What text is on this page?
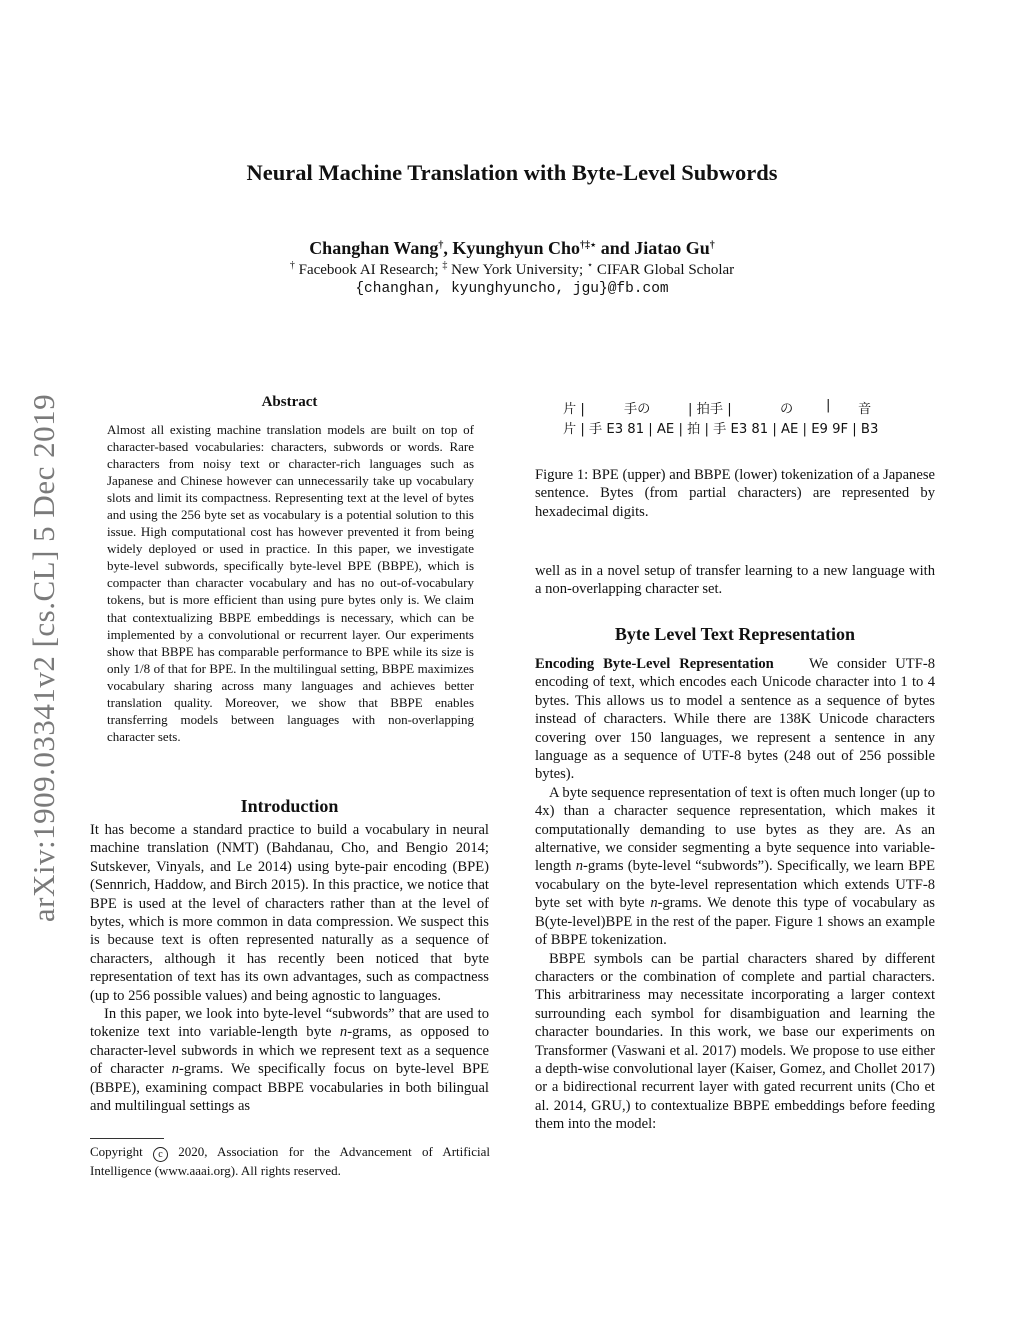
arXiv:1909.03341v2 [cs.CL] 5 Dec 2019
Neural Machine Translation with Byte-Level Subwords
Changhan Wang†, Kyunghyun Cho†‡⋆ and Jiatao Gu†
† Facebook AI Research; ‡ New York University; ⋆ CIFAR Global Scholar
{changhan, kyunghyuncho, jgu}@fb.com
Abstract
Almost all existing machine translation models are built on top of character-based vocabularies: characters, subwords or words. Rare characters from noisy text or character-rich languages such as Japanese and Chinese however can unnecessarily take up vocabulary slots and limit its compactness. Representing text at the level of bytes and using the 256 byte set as vocabulary is a potential solution to this issue. High computational cost has however prevented it from being widely deployed or used in practice. In this paper, we investigate byte-level subwords, specifically byte-level BPE (BBPE), which is compacter than character vocabulary and has no out-of-vocabulary tokens, but is more efficient than using pure bytes only is. We claim that contextualizing BBPE embeddings is necessary, which can be implemented by a convolutional or recurrent layer. Our experiments show that BBPE has comparable performance to BPE while its size is only 1/8 of that for BPE. In the multilingual setting, BBPE maximizes vocabulary sharing across many languages and achieves better translation quality. Moreover, we show that BBPE enables transferring models between languages with non-overlapping character sets.
Introduction

It has become a standard practice to build a vocabulary in neural machine translation (NMT) (Bahdanau, Cho, and Bengio 2014; Sutskever, Vinyals, and Le 2014) using byte-pair encoding (BPE) (Sennrich, Haddow, and Birch 2015). In this practice, we notice that BPE is used at the level of characters rather than at the level of bytes, which is more common in data compression. We suspect this is because text is often represented naturally as a sequence of characters, although it has recently been noticed that byte representation of text has its own advantages, such as compactness (up to 256 possible values) and being agnostic to languages.

In this paper, we look into byte-level “subwords” that are used to tokenize text into variable-length byte n-grams, as opposed to character-level subwords in which we represent text as a sequence of character n-grams. We specifically focus on byte-level BPE (BBPE), examining compact BBPE vocabularies in both bilingual and multilingual settings as

Copyright c 2020, Association for the Advancement of Artificial Intelligence (www.aaai.org). All rights reserved.
片 |	手の	| 拍手 |	の | 音
片 | 手 E3 81 | AE | 拍 | 手 E3 81 | AE | E9 9F | B3
Figure 1: BPE (upper) and BBPE (lower) tokenization of a Japanese sentence. Bytes (from partial characters) are represented by hexadecimal digits.

well as in a novel setup of transfer learning to a new language with a non-overlapping character set.

Byte Level Text Representation

Encoding Byte-Level Representation We consider UTF-8 encoding of text, which encodes each Unicode character into 1 to 4 bytes. This allows us to model a sentence as a sequence of bytes instead of characters. While there are 138K Unicode characters covering over 150 languages, we represent a sentence in any language as a sequence of UTF-8 bytes (248 out of 256 possible bytes).

A byte sequence representation of text is often much longer (up to 4x) than a character sequence representation, which makes it computationally demanding to use bytes as they are. As an alternative, we consider segmenting a byte sequence into variable-length n-grams (byte-level “subwords”). Specifically, we learn BPE vocabulary on the byte-level representation which extends UTF-8 byte set with byte n-grams. We denote this type of vocabulary as B(yte-level)BPE in the rest of the paper. Figure 1 shows an example of BBPE tokenization.

BBPE symbols can be partial characters shared by different characters or the combination of complete and partial characters. This arbitrariness may necessitate incorporating a larger context surrounding each symbol for disambiguation and learning the character boundaries. In this work, we base our experiments on Transformer (Vaswani et al. 2017) models. We propose to use either a depth-wise convolutional layer (Kaiser, Gomez, and Chollet 2017) or a bidirectional recurrent layer with gated recurrent units (Cho et al. 2014, GRU,) to contextualize BBPE embeddings before feeding them into the model:
